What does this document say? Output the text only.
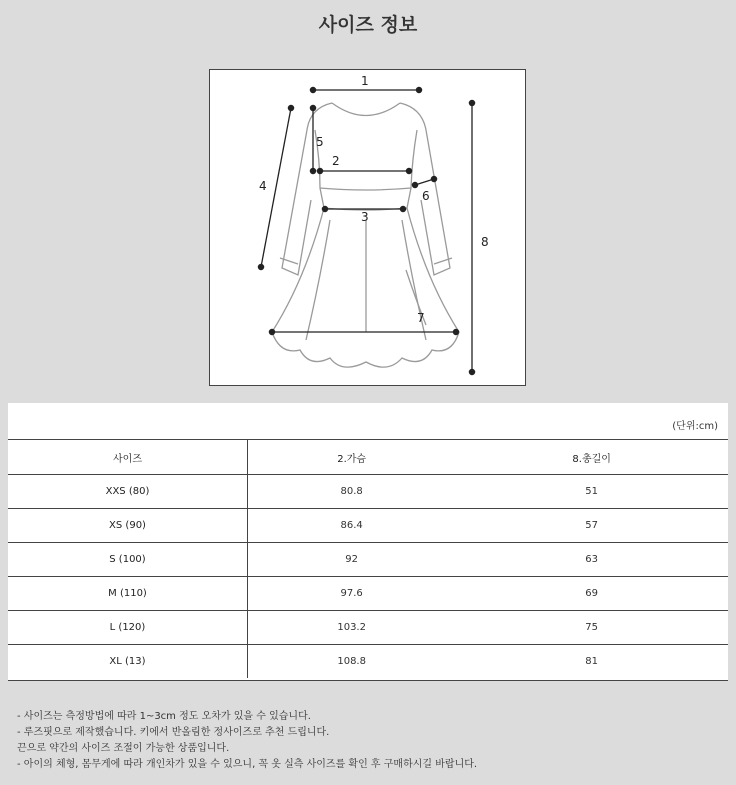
사이즈 정보
1
2
3
4
5
6
7
8
(단위:cm)
사이즈	2.가슴	8.총길이
XXS (80)	80.8	51
XS (90)	86.4	57
S (100)	92	63
M (110)	97.6	69
L (120)	103.2	75
XL (13)	108.8	81
- 사이즈는 측정방법에 따라 1~3cm 정도 오차가 있을 수 있습니다.
- 루즈핏으로 제작했습니다. 키에서 반올림한 정사이즈로 추천 드립니다.
끈으로 약간의 사이즈 조절이 가능한 상품입니다.
- 아이의 체형, 몸무게에 따라 개인차가 있을 수 있으니, 꼭 옷 실측 사이즈를 확인 후 구매하시길 바랍니다.
